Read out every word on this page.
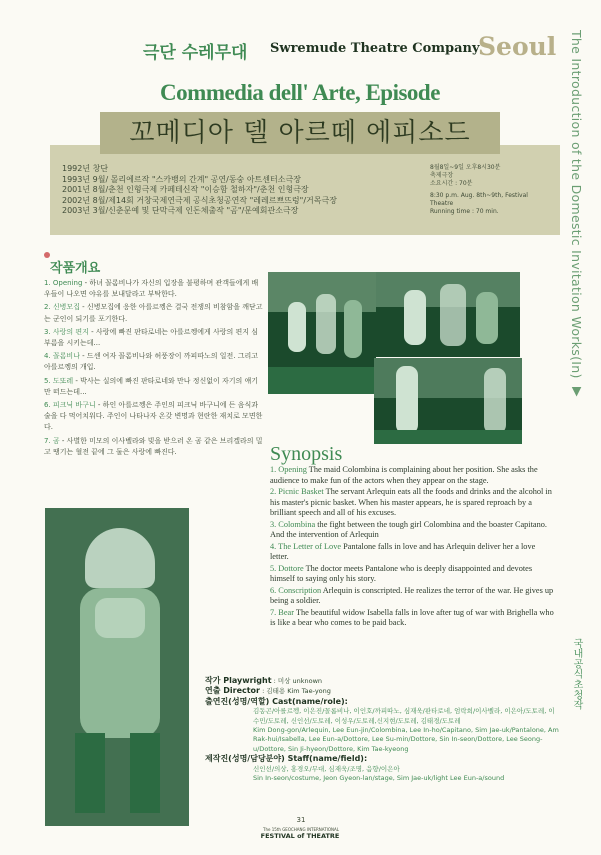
The Introduction of the Domestic Invitation Works(In) ▼
국내공식초청작
극단 수레무대 Swremude Theatre Company
Seoul
Commedia dell' Arte, Episode
꼬메디아 델 아르떼 에피소드
1992년 창단
1993년 9월/ 몰리에르작 "스카뱅의 간계" 공연/동숭 아트센터소극장
2001년 8월/춘천 인형극제 카페테신작 "이승함 철하자"/춘천 인형극장
2002년 8월/제14회 거창국제연극제 공식초청공연작 "레레르쁘뜨렁"/거목극장
2003년 3월/신춘문예 및 단막극제 인돈체출작 "곰"/문예회관소극장
8월8일~9일 오후8시30분
축제극장
소요시간 : 70분
8:30 p.m. Aug. 8th~9th, Festival
Theatre
Running time : 70 min.
작품개요
1. Opening - 하녀 꼴롬비나가 자신의 입장을 불평하며 관객들에게 배우들이 나오면 야유를 보내달라고 부탁한다.
2. 신병모집 - 신병모집에 응한 아를르껭은 결국 전쟁의 비참함을 깨닫고는 군인이 되기를 포기한다.
3. 사랑의 편지 - 사랑에 빠진 판타로네는 아를르껭에게 사랑의 편지 심부름을 시키는데...
4. 꼴롬비나 - 드센 여자 꼴롬비나와 허풍장이 까피따노의 일전. 그리고 아를르껭의 개입.
5. 도또레 - 박사는 실의에 빠진 판타로네와 만나 정신없이 자기의 얘기만 떠드는데...
6. 피크닉 바구니 - 하인 아를르껭은 주인의 피크닉 바구니에 든 음식과 술을 다 먹어치워다. 주인이 나타나자 온갖 변명과 현란한 재치로 모면한다.
7. 곰 - 사별한 미모의 이사벨라와 빚을 받으러 온 곰 같은 브리겔라의 밀고 땡기는 혈전 끝에 그 둘은 사랑에 빠진다.	Synopsis
1. Opening The maid Colombina is complaining about her position. She asks the audience to make fun of the actors when they appear on the stage.
2. Picnic Basket The servant Arlequin eats all the foods and drinks and the alcohol in his master's picnic basket. When his master appears, he is spared reproach by a brilliant speech and all of his excuses.
3. Colombina the fight between the tough girl Colombina and the boaster Capitano. And the intervention of Arlequin
4. The Letter of Love Pantalone falls in love and has Arlequin deliver her a love letter.
5. Dottore The doctor meets Pantalone who is deeply disappointed and devotes himself to saying only his story.
6. Conscription Arlequin is conscripted. He realizes the terror of the war. He gives up being a soldier.
7. Bear The beautiful widow Isabella falls in love after tug of war with Brighella who is like a bear who comes to be paid back.
작가 Playwright : 미상 unknown
연출 Director : 김태용 Kim Tae-yong
출연진(성명/역할) Cast(name/role):
김동곤/아를르껭, 이은진/꼴롬비나, 이인호/까피따노, 심재욱/판타로네, 엄락희/이사벨라, 이은아/도토레, 이수민/도토레, 신인선/도토레, 이성우/도토레,신지현/도토레, 김태경/도토레
Kim Dong-gon/Arlequin, Lee Eun-jin/Colombina, Lee In-ho/Capitano, Sim Jae-uk/Pantalone, Am Rak-hui/Isabella, Lee Eun-a/Dottore, Lee Su-min/Dottore, Sin In-seon/Dottore, Lee Seong-u/Dottore, Sin Ji-hyeon/Dottore, Kim Tae-kyeong
제작진(성명/담당분야) Staff(name/field):
신인선/의상, 홍경오/무대, 심재욱/조명, 음향/이은아
Sin In-seon/costume, Jeon Gyeon-lan/stage, Sim Jae-uk/light Lee Eun-a/sound
31
The 15th GEOCHANG INTERNATIONAL
FESTIVAL of THEATRE
